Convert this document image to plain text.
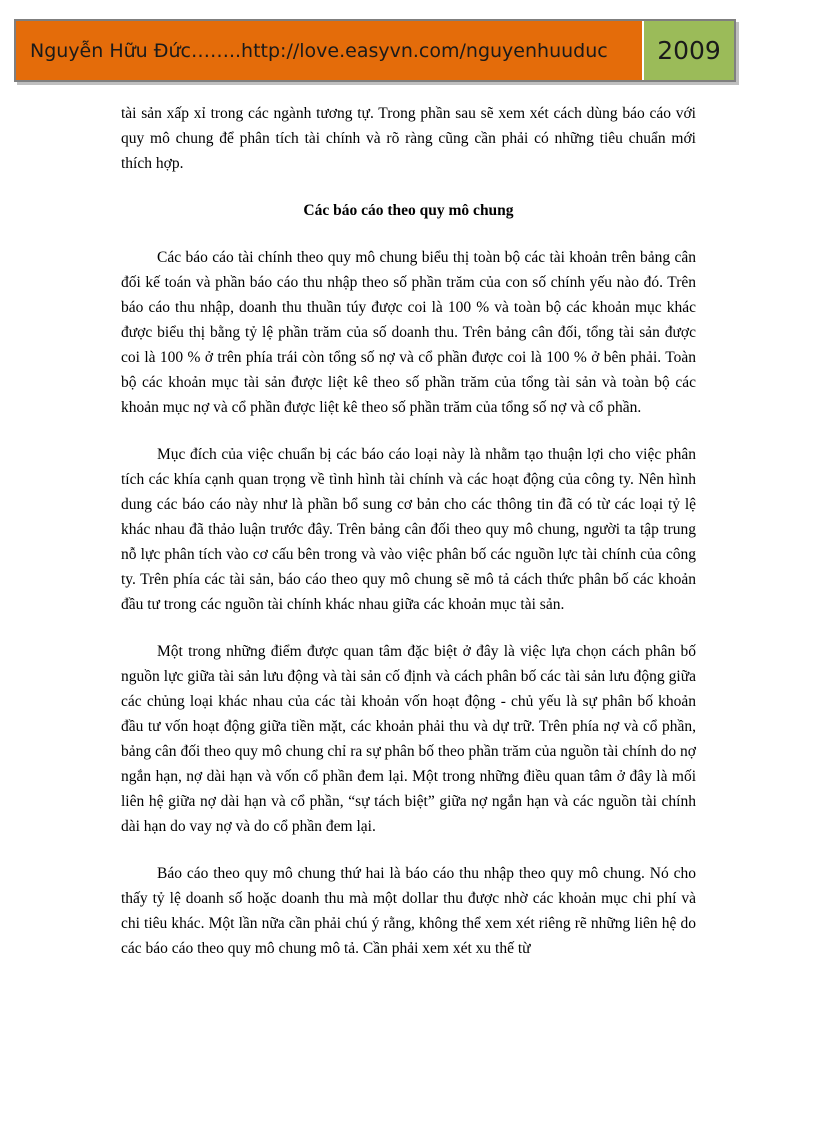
Nguyễn Hữu Đức …….. http://love.easyvn.com/nguyenhuuduc 2009

tài sản xấp xỉ trong các ngành tương tự. Trong phần sau sẽ xem xét cách dùng báo cáo với quy mô chung để phân tích tài chính và rõ ràng cũng cần phải có những tiêu chuẩn mới thích hợp.

Các báo cáo theo quy mô chung

Các báo cáo tài chính theo quy mô chung biểu thị toàn bộ các tài khoản trên bảng cân đối kế toán và phần báo cáo thu nhập theo số phần trăm của con số chính yếu nào đó. Trên báo cáo thu nhập, doanh thu thuần túy được coi là 100 % và toàn bộ các khoản mục khác được biểu thị bằng tỷ lệ phần trăm của số doanh thu. Trên bảng cân đối, tổng tài sản được coi là 100 % ở trên phía trái còn tổng số nợ và cổ phần được coi là 100 % ở bên phải. Toàn bộ các khoản mục tài sản được liệt kê theo số phần trăm của tổng tài sản và toàn bộ các khoản mục nợ và cổ phần được liệt kê theo số phần trăm của tổng số nợ và cổ phần.

Mục đích của việc chuẩn bị các báo cáo loại này là nhằm tạo thuận lợi cho việc phân tích các khía cạnh quan trọng về tình hình tài chính và các hoạt động của công ty. Nên hình dung các báo cáo này như là phần bổ sung cơ bản cho các thông tin đã có từ các loại tỷ lệ khác nhau đã thảo luận trước đây. Trên bảng cân đối theo quy mô chung, người ta tập trung nỗ lực phân tích vào cơ cấu bên trong và vào việc phân bố các nguồn lực tài chính của công ty. Trên phía các tài sản, báo cáo theo quy mô chung sẽ mô tả cách thức phân bố các khoản đầu tư trong các nguồn tài chính khác nhau giữa các khoản mục tài sản.

Một trong những điểm được quan tâm đặc biệt ở đây là việc lựa chọn cách phân bố nguồn lực giữa tài sản lưu động và tài sản cố định và cách phân bố các tài sản lưu động giữa các chủng loại khác nhau của các tài khoản vốn hoạt động - chủ yếu là sự phân bố khoản đầu tư vốn hoạt động giữa tiền mặt, các khoản phải thu và dự trữ. Trên phía nợ và cổ phần, bảng cân đối theo quy mô chung chỉ ra sự phân bố theo phần trăm của nguồn tài chính do nợ ngắn hạn, nợ dài hạn và vốn cổ phần đem lại. Một trong những điều quan tâm ở đây là mối liên hệ giữa nợ dài hạn và cổ phần, “sự tách biệt” giữa nợ ngắn hạn và các nguồn tài chính dài hạn do vay nợ và do cổ phần đem lại.

Báo cáo theo quy mô chung thứ hai là báo cáo thu nhập theo quy mô chung. Nó cho thấy tỷ lệ doanh số hoặc doanh thu mà một dollar thu được nhờ các khoản mục chi phí và chi tiêu khác. Một lần nữa cần phải chú ý rằng, không thể xem xét riêng rẽ những liên hệ do các báo cáo theo quy mô chung mô tả. Cần phải xem xét xu thế từ
